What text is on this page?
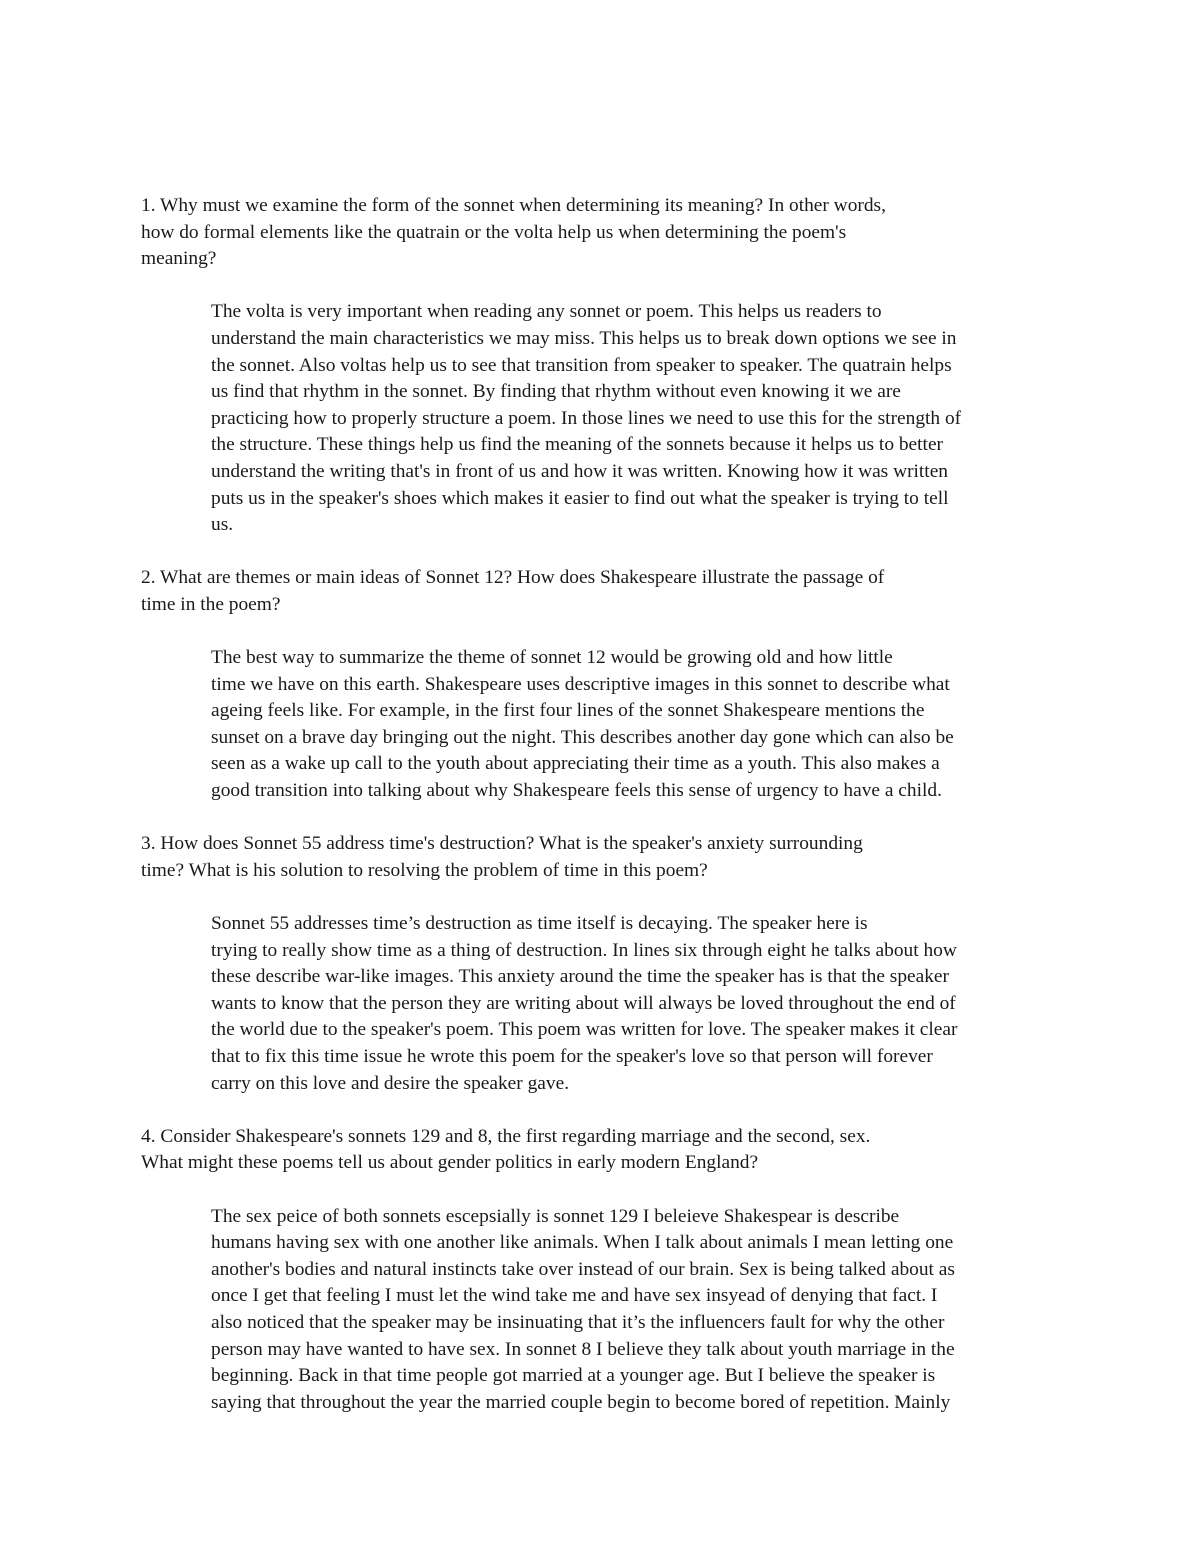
1. Why must we examine the form of the sonnet when determining its meaning? In other words,
how do formal elements like the quatrain or the volta help us when determining the poem's
meaning?
The volta is very important when reading any sonnet or poem. This helps us readers to
understand the main characteristics we may miss. This helps us to break down options we see in
the sonnet. Also voltas help us to see that transition from speaker to speaker. The quatrain helps
us find that rhythm in the sonnet. By finding that rhythm without even knowing it we are
practicing how to properly structure a poem. In those lines we need to use this for the strength of
the structure. These things help us find the meaning of the sonnets because it helps us to better
understand the writing that's in front of us and how it was written. Knowing how it was written
puts us in the speaker's shoes which makes it easier to find out what the speaker is trying to tell
us.
2. What are themes or main ideas of Sonnet 12? How does Shakespeare illustrate the passage of
time in the poem?
The best way to summarize the theme of sonnet 12 would be growing old and how little
time we have on this earth. Shakespeare uses descriptive images in this sonnet to describe what
ageing feels like. For example, in the first four lines of the sonnet Shakespeare mentions the
sunset on a brave day bringing out the night. This describes another day gone which can also be
seen as a wake up call to the youth about appreciating their time as a youth. This also makes a
good transition into talking about why Shakespeare feels this sense of urgency to have a child.
3. How does Sonnet 55 address time's destruction? What is the speaker's anxiety surrounding
time? What is his solution to resolving the problem of time in this poem?
Sonnet 55 addresses time’s destruction as time itself is decaying. The speaker here is
trying to really show time as a thing of destruction. In lines six through eight he talks about how
these describe war-like images. This anxiety around the time the speaker has is that the speaker
wants to know that the person they are writing about will always be loved throughout the end of
the world due to the speaker's poem. This poem was written for love. The speaker makes it clear
that to fix this time issue he wrote this poem for the speaker's love so that person will forever
carry on this love and desire the speaker gave.
4. Consider Shakespeare's sonnets 129 and 8, the first regarding marriage and the second, sex.
What might these poems tell us about gender politics in early modern England?
The sex peice of both sonnets escepsially is sonnet 129 I beleieve Shakespear is describe
humans having sex with one another like animals. When I talk about animals I mean letting one
another's bodies and natural instincts take over instead of our brain. Sex is being talked about as
once I get that feeling I must let the wind take me and have sex insyead of denying that fact. I
also noticed that the speaker may be insinuating that it’s the influencers fault for why the other
person may have wanted to have sex. In sonnet 8 I believe they talk about youth marriage in the
beginning. Back in that time people got married at a younger age. But I believe the speaker is
saying that throughout the year the married couple begin to become bored of repetition. Mainly
